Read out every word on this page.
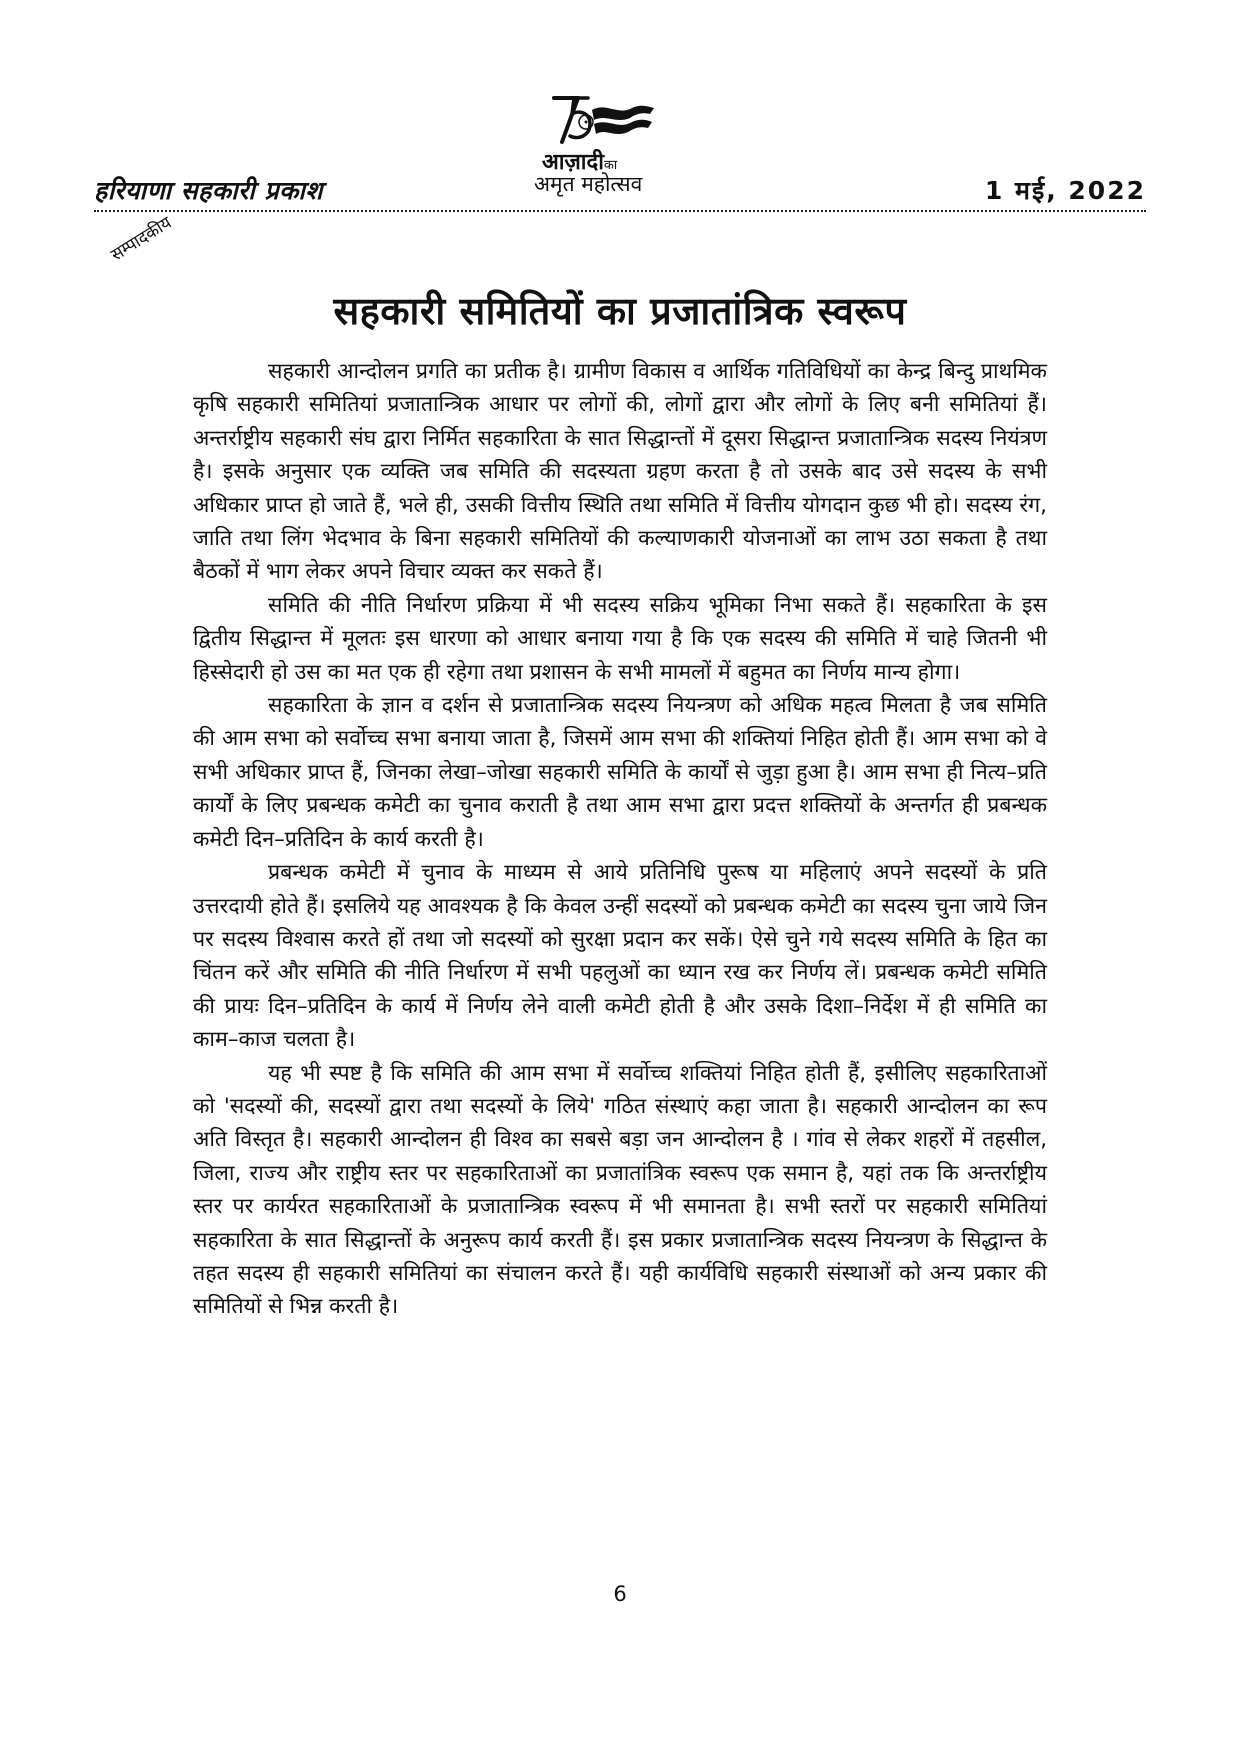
हरियाणा सहकारी प्रकाश
आज़ादीका
अमृत महोत्सव	1 मई, 2022
सम्पादकीय
सहकारी समितियों का प्रजातांत्रिक स्वरूप

सहकारी आन्दोलन प्रगति का प्रतीक है। ग्रामीण विकास व आर्थिक गतिविधियों का केन्द्र बिन्दु प्राथमिक कृषि सहकारी समितियां प्रजातान्त्रिक आधार पर लोगों की, लोगों द्वारा और लोगों के लिए बनी समितियां हैं। अन्तर्राष्ट्रीय सहकारी संघ द्वारा निर्मित सहकारिता के सात सिद्धान्तों में दूसरा सिद्धान्त प्रजातान्त्रिक सदस्य नियंत्रण है। इसके अनुसार एक व्यक्ति जब समिति की सदस्यता ग्रहण करता है तो उसके बाद उसे सदस्य के सभी अधिकार प्राप्त हो जाते हैं, भले ही, उसकी वित्तीय स्थिति तथा समिति में वित्तीय योगदान कुछ भी हो। सदस्य रंग, जाति तथा लिंग भेदभाव के बिना सहकारी समितियों की कल्याणकारी योजनाओं का लाभ उठा सकता है तथा बैठकों में भाग लेकर अपने विचार व्यक्त कर सकते हैं।

समिति की नीति निर्धारण प्रक्रिया में भी सदस्य सक्रिय भूमिका निभा सकते हैं। सहकारिता के इस द्वितीय सिद्धान्त में मूलतः इस धारणा को आधार बनाया गया है कि एक सदस्य की समिति में चाहे जितनी भी हिस्सेदारी हो उस का मत एक ही रहेगा तथा प्रशासन के सभी मामलों में बहुमत का निर्णय मान्य होगा।

सहकारिता के ज्ञान व दर्शन से प्रजातान्त्रिक सदस्य नियन्त्रण को अधिक महत्व मिलता है जब समिति की आम सभा को सर्वोच्च सभा बनाया जाता है, जिसमें आम सभा की शक्तियां निहित होती हैं। आम सभा को वे सभी अधिकार प्राप्त हैं, जिनका लेखा–जोखा सहकारी समिति के कार्यों से जुड़ा हुआ है। आम सभा ही नित्य–प्रति कार्यों के लिए प्रबन्धक कमेटी का चुनाव कराती है तथा आम सभा द्वारा प्रदत्त शक्तियों के अन्तर्गत ही प्रबन्धक कमेटी दिन–प्रतिदिन के कार्य करती है।

प्रबन्धक कमेटी में चुनाव के माध्यम से आये प्रतिनिधि पुरूष या महिलाएं अपने सदस्यों के प्रति उत्तरदायी होते हैं। इसलिये यह आवश्यक है कि केवल उन्हीं सदस्यों को प्रबन्धक कमेटी का सदस्य चुना जाये जिन पर सदस्य विश्वास करते हों तथा जो सदस्यों को सुरक्षा प्रदान कर सकें। ऐसे चुने गये सदस्य समिति के हित का चिंतन करें और समिति की नीति निर्धारण में सभी पहलुओं का ध्यान रख कर निर्णय लें। प्रबन्धक कमेटी समिति की प्रायः दिन–प्रतिदिन के कार्य में निर्णय लेने वाली कमेटी होती है और उसके दिशा–निर्देश में ही समिति का काम–काज चलता है।

यह भी स्पष्ट है कि समिति की आम सभा में सर्वोच्च शक्तियां निहित होती हैं, इसीलिए सहकारिताओं को 'सदस्यों की, सदस्यों द्वारा तथा सदस्यों के लिये' गठित संस्थाएं कहा जाता है। सहकारी आन्दोलन का रूप अति विस्तृत है। सहकारी आन्दोलन ही विश्व का सबसे बड़ा जन आन्दोलन है । गांव से लेकर शहरों में तहसील, जिला, राज्य और राष्ट्रीय स्तर पर सहकारिताओं का प्रजातांत्रिक स्वरूप एक समान है, यहां तक कि अन्तर्राष्ट्रीय स्तर पर कार्यरत सहकारिताओं के प्रजातान्त्रिक स्वरूप में भी समानता है। सभी स्तरों पर सहकारी समितियां सहकारिता के सात सिद्धान्तों के अनुरूप कार्य करती हैं। इस प्रकार प्रजातान्त्रिक सदस्य नियन्त्रण के सिद्धान्त के तहत सदस्य ही सहकारी समितियां का संचालन करते हैं। यही कार्यविधि सहकारी संस्थाओं को अन्य प्रकार की समितियों से भिन्न करती है।

6
